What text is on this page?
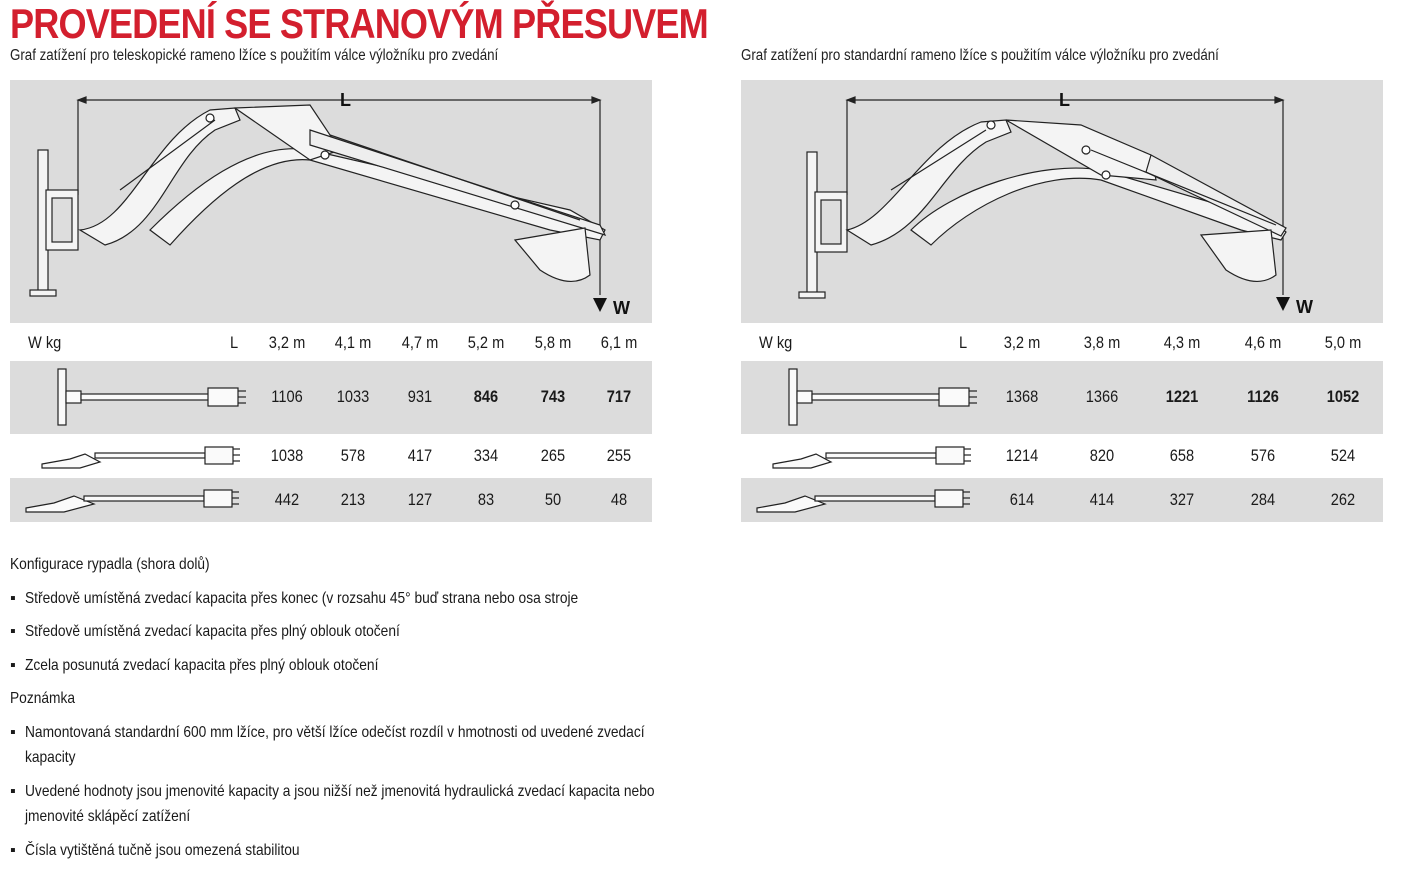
PROVEDENÍ SE STRANOVÝM PŘESUVEM
Graf zatížení pro teleskopické rameno lžíce s použitím válce výložníku pro zvedání	Graf zatížení pro standardní rameno lžíce s použitím válce výložníku pro zvedání
L
W
W kg	L 3,2 m 4,1 m 4,7 m 5,2 m 5,8 m 6,1 m
1106	1033	931	846	743	717
1038	578	417	334	265	255
442	213	127	83	50	48
L
W
W kg	L 3,2 m	3,8 m	4,3 m	4,6 m	5,0 m
1368	1366	1221	1126	1052
1214	820	658	576	524
614	414	327	284	262
Konfigurace rypadla (shora dolů)
▪ Středově umístěná zvedací kapacita přes konec (v rozsahu 45° buď strana nebo osa stroje
▪ Středově umístěná zvedací kapacita přes plný oblouk otočení
▪ Zcela posunutá zvedací kapacita přes plný oblouk otočení
Poznámka
▪ Namontovaná standardní 600 mm lžíce, pro větší lžíce odečíst rozdíl v hmotnosti od uvedené zvedací
kapacity
▪ Uvedené hodnoty jsou jmenovité kapacity a jsou nižší než jmenovitá hydraulická zvedací kapacita nebo
jmenovité sklápěcí zatížení
▪ Čísla vytištěná tučně jsou omezená stabilitou
